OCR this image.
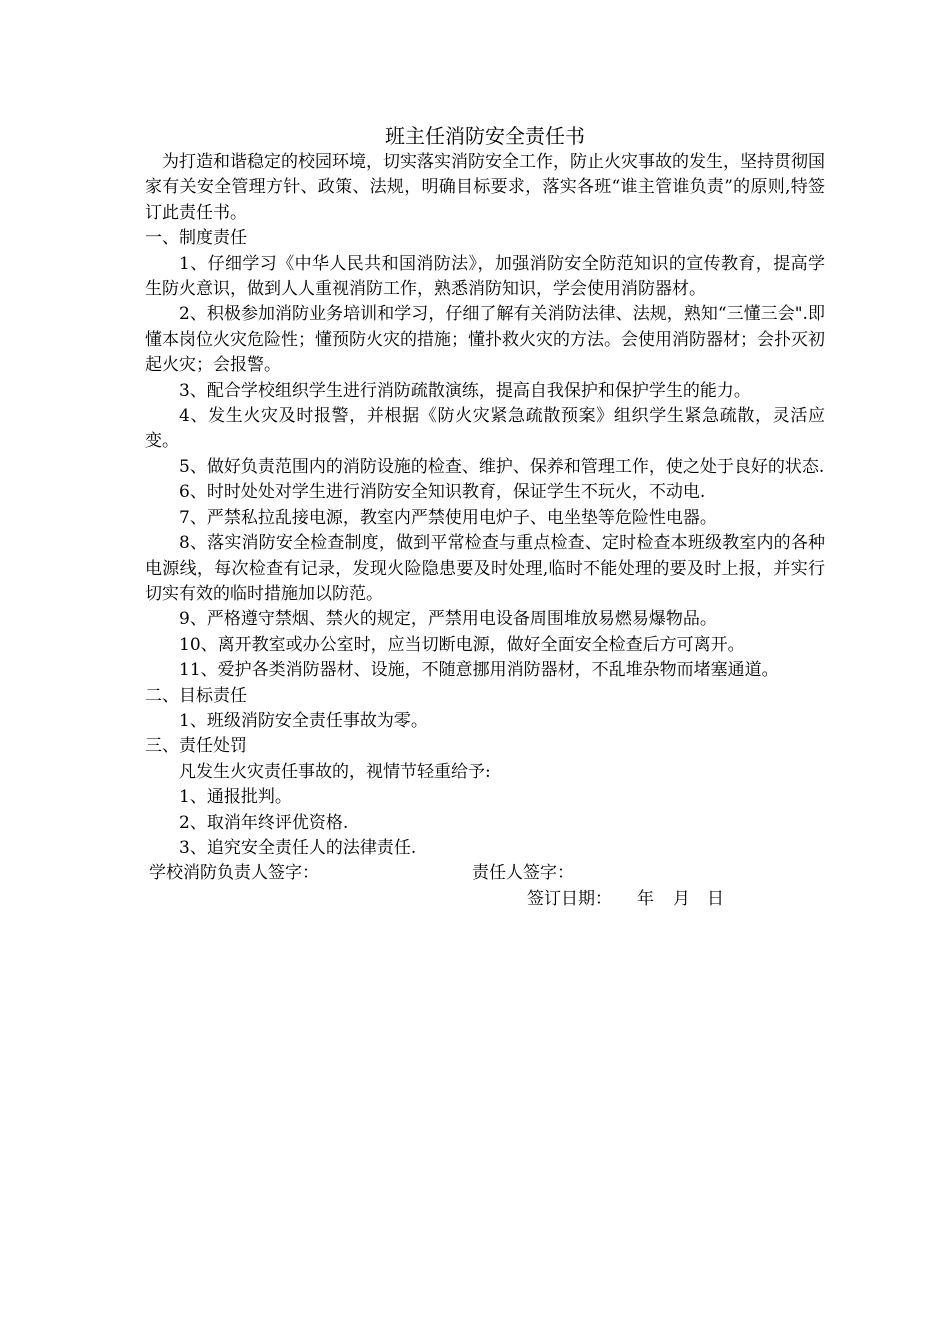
班主任消防安全责任书

为打造和谐稳定的校园环境，切实落实消防安全工作，防止火灾事故的发生，坚持贯彻国家有关安全管理方针、政策、法规，明确目标要求，落实各班“谁主管谁负责”的原则,特签订此责任书。

一、制度责任

1、仔细学习《中华人民共和国消防法》，加强消防安全防范知识的宣传教育，提高学生防火意识，做到人人重视消防工作，熟悉消防知识，学会使用消防器材。

2、积极参加消防业务培训和学习，仔细了解有关消防法律、法规，熟知“三懂三会".即懂本岗位火灾危险性；懂预防火灾的措施；懂扑救火灾的方法。会使用消防器材；会扑灭初起火灾；会报警。

3、配合学校组织学生进行消防疏散演练，提高自我保护和保护学生的能力。

4、发生火灾及时报警，并根据《防火灾紧急疏散预案》组织学生紧急疏散，灵活应变。

5、做好负责范围内的消防设施的检查、维护、保养和管理工作，使之处于良好的状态.

6、时时处处对学生进行消防安全知识教育，保证学生不玩火，不动电.

7、严禁私拉乱接电源，教室内严禁使用电炉子、电坐垫等危险性电器。

8、落实消防安全检查制度，做到平常检查与重点检查、定时检查本班级教室内的各种电源线，每次检查有记录，发现火险隐患要及时处理,临时不能处理的要及时上报，并实行切实有效的临时措施加以防范。

9、严格遵守禁烟、禁火的规定，严禁用电设备周围堆放易燃易爆物品。

10、离开教室或办公室时，应当切断电源，做好全面安全检查后方可离开。

11、爱护各类消防器材、设施，不随意挪用消防器材，不乱堆杂物而堵塞通道。

二、目标责任

1、班级消防安全责任事故为零。

三、责任处罚

凡发生火灾责任事故的，视情节轻重给予:

1、通报批判。

2、取消年终评优资格.

3、追究安全责任人的法律责任.

学校消防负责人签字：	责任人签字：
签订日期： 年 月 日
